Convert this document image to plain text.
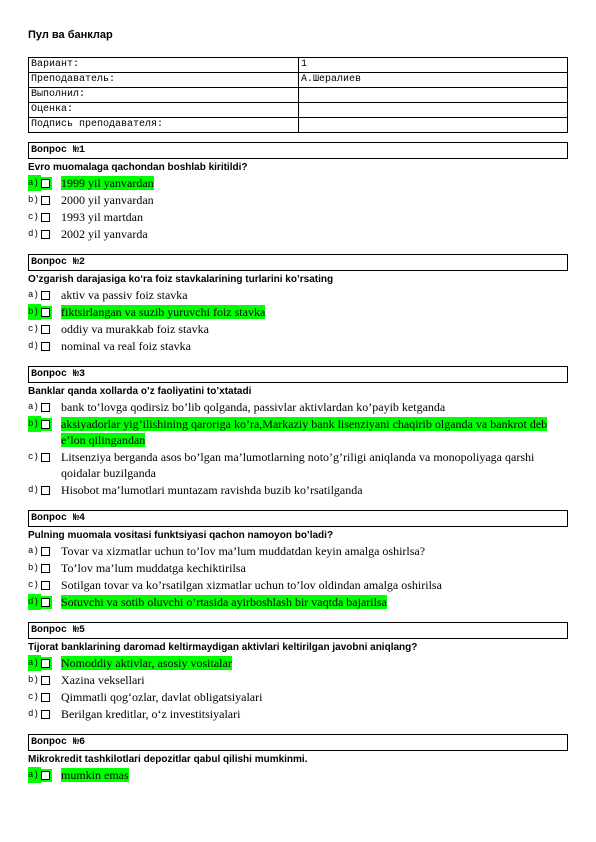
Пул ва банклар
Вариант:	1
Преподаватель:	А.Шералиев
Выполнил:	
Оценка:	
Подпись преподавателя:	
Вопрос №1
Evro muomalaga qachondan boshlab kiritildi?
a) 1999 yil yanvardan
b) 2000 yil yanvardan
c) 1993 yil martdan
d) 2002 yil yanvarda
Вопрос №2
O’zgarish darajasiga ko‘ra foiz stavkalarining turlarini ko’rsating
a) aktiv va passiv foiz stavka
b) fiktsirlangan va suzib yuruvchi foiz stavka
c) oddiy va murakkab foiz stavka
d) nominal va real foiz stavka
Вопрос №3
Banklar qanda xollarda o’z faoliyatini to’xtatadi
a) bank to’lovga qodirsiz bo’lib qolganda, passivlar aktivlardan ko’payib ketganda
b) aksiyadorlar yig’ilishining qaroriga ko’ra,Markaziy bank lisenziyani chaqirib olganda va bankrot deb e’lon qilingandan
c) Litsenziya berganda asos bo’lgan ma’lumotlarning noto’g’riligi aniqlanda va monopoliyaga qarshi qoidalar buzilganda
d) Hisobot ma’lumotlari muntazam ravishda buzib ko’rsatilganda
Вопрос №4
Pulning muomala vositasi funktsiyasi qachon namoyon bo’ladi?
a) Tovar va xizmatlar uchun to’lov ma’lum muddatdan keyin amalga oshirlsa?
b) To’lov ma’lum muddatga kechiktirilsa
c) Sotilgan tovar va ko’rsatilgan xizmatlar uchun to’lov oldindan amalga oshirilsa
d) Sotuvchi va sotib oluvchi o’rtasida ayirboshlash bir vaqtda bajarilsa
Вопрос №5
Tijorat banklarining daromad keltirmaydigan aktivlari keltirilgan javobni aniqlang?
a) Nomoddiy aktivlar, asosiy vositalar
b) Xazina veksellari
c) Qimmatli qog‘ozlar, davlat obligatsiyalari
d) Berilgan kreditlar, o‘z investitsiyalari
Вопрос №6
Mikrokredit tashkilotlari depozitlar qabul qilishi mumkinmi.
a) mumkin emas
